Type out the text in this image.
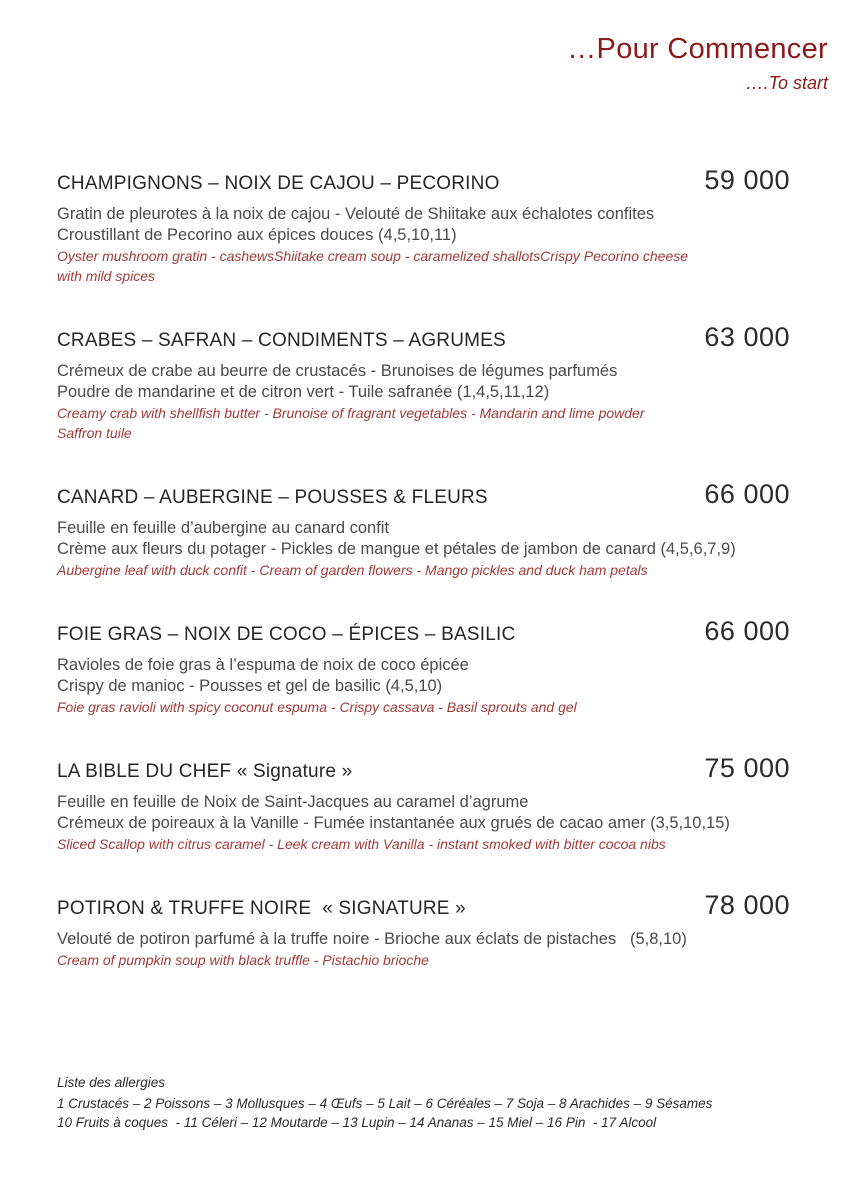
…Pour Commencer
….To start
CHAMPIGNONS – NOIX DE CAJOU – PECORINO	59 000

Gratin de pleurotes à la noix de cajou - Velouté de Shiitake aux échalotes confites

Croustillant de Pecorino aux épices douces (4,5,10,11)

Oyster mushroom gratin - cashewsShiitake cream soup - caramelized shallotsCrispy Pecorino cheese

with mild spices

CRABES – SAFRAN – CONDIMENTS – AGRUMES	63 000

Crémeux de crabe au beurre de crustacés - Brunoises de légumes parfumés

Poudre de mandarine et de citron vert - Tuile safranée (1,4,5,11,12)

Creamy crab with shellfish butter - Brunoise of fragrant vegetables - Mandarin and lime powder

Saffron tuile

CANARD – AUBERGINE – POUSSES & FLEURS	66 000

Feuille en feuille d’aubergine au canard confit

Crème aux fleurs du potager - Pickles de mangue et pétales de jambon de canard (4,5,6,7,9)

Aubergine leaf with duck confit - Cream of garden flowers - Mango pickles and duck ham petals

FOIE GRAS – NOIX DE COCO – ÉPICES – BASILIC	66 000

Ravioles de foie gras à l’espuma de noix de coco épicée

Crispy de manioc - Pousses et gel de basilic (4,5,10)

Foie gras ravioli with spicy coconut espuma - Crispy cassava - Basil sprouts and gel

LA BIBLE DU CHEF « Signature »	75 000

Feuille en feuille de Noix de Saint-Jacques au caramel d’agrume

Crémeux de poireaux à la Vanille - Fumée instantanée aux grués de cacao amer (3,5,10,15)

Sliced Scallop with citrus caramel - Leek cream with Vanilla - instant smoked with bitter cocoa nibs

POTIRON & TRUFFE NOIRE  « SIGNATURE »	78 000

Velouté de potiron parfumé à la truffe noire - Brioche aux éclats de pistaches   (5,8,10)

Cream of pumpkin soup with black truffle - Pistachio brioche

Liste des allergies

1 Crustacés – 2 Poissons – 3 Mollusques – 4 Œufs – 5 Lait – 6 Céréales – 7 Soja – 8 Arachides – 9 Sésames

10 Fruits à coques  - 11 Céleri – 12 Moutarde – 13 Lupin – 14 Ananas – 15 Miel – 16 Pin  - 17 Alcool
